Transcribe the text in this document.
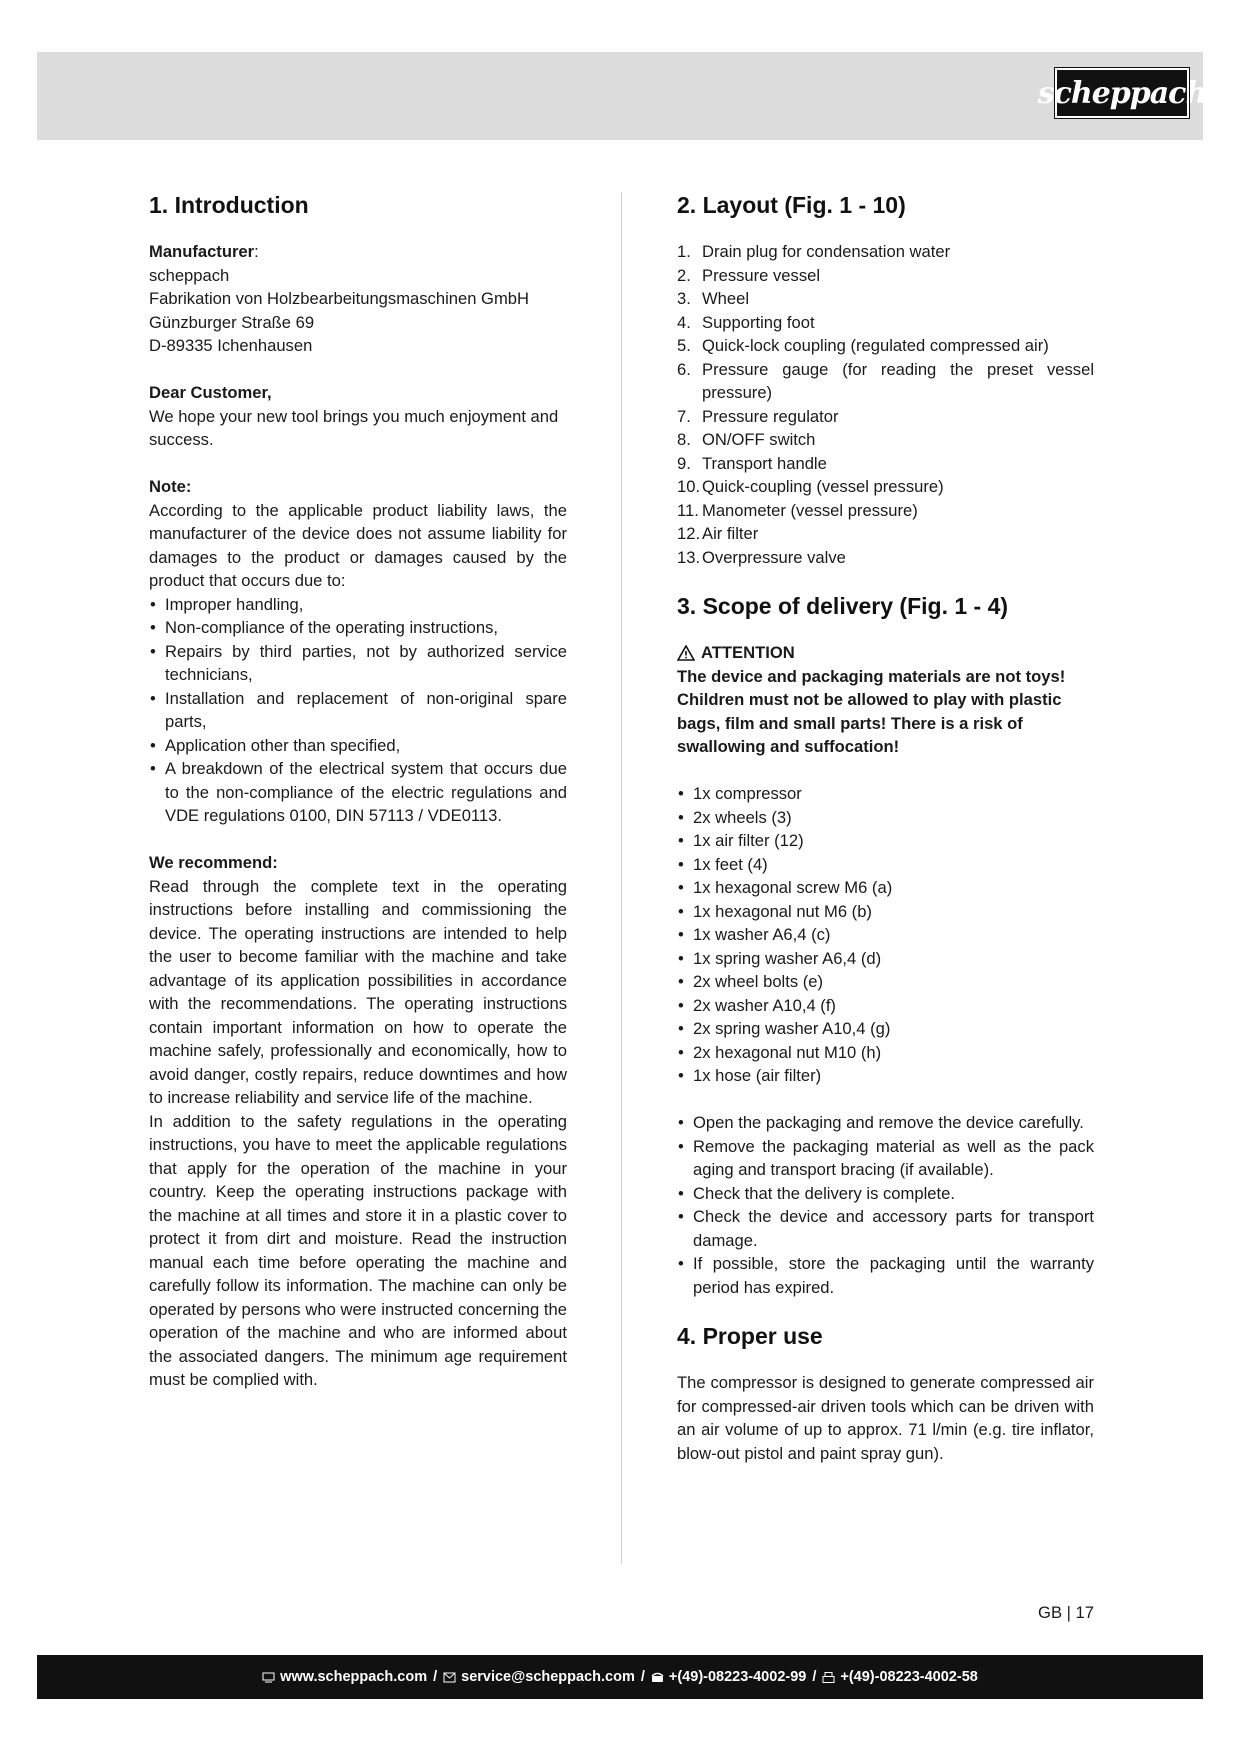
scheppach
1. Introduction
Manufacturer:
scheppach
Fabrikation von Holzbearbeitungsmaschinen GmbH
Günzburger Straße 69
D-89335 Ichenhausen
Dear Customer,

We hope your new tool brings you much enjoyment and success.

Note:

According to the applicable product liability laws, the manufacturer of the device does not assume liability for damages to the product or damages caused by the product that occurs due to:

• Improper handling,
• Non-compliance of the operating instructions,
• Repairs by third parties, not by authorized service technicians,
• Installation and replacement of non-original spare parts,
• Application other than specified,
• A breakdown of the electrical system that occurs due to the non-compliance of the electric regulations and VDE regulations 0100, DIN 57113 / VDE0113.
We recommend:

Read through the complete text in the operating instructions before installing and commissioning the device. The operating instructions are intended to help the user to become familiar with the machine and take advantage of its application possibilities in accordance with the recommendations. The operating instructions contain important information on how to operate the machine safely, professionally and economically, how to avoid danger, costly repairs, reduce downtimes and how to increase reliability and service life of the machine.

In addition to the safety regulations in the operating instructions, you have to meet the applicable regulations that apply for the operation of the machine in your country. Keep the operating instructions package with the machine at all times and store it in a plastic cover to protect it from dirt and moisture. Read the instruction manual each time before operating the machine and carefully follow its information. The machine can only be operated by persons who were instructed concerning the operation of the machine and who are informed about the associated dangers. The minimum age requirement must be complied with.

2. Layout (Fig. 1 - 10)
1. Drain plug for condensation water
2. Pressure vessel
3. Wheel
4. Supporting foot
5. Quick-lock coupling (regulated compressed air)
6. Pressure gauge (for reading the preset vessel pressure)
7. Pressure regulator
8. ON/OFF switch
9. Transport handle
10. Quick-coupling (vessel pressure)
11. Manometer (vessel pressure)
12. Air filter
13. Overpressure valve
3. Scope of delivery (Fig. 1 - 4)
ATTENTION

The device and packaging materials are not toys! Children must not be allowed to play with plastic bags, film and small parts! There is a risk of swallowing and suffocation!

• 1x compressor
• 2x wheels (3)
• 1x air filter (12)
• 1x feet (4)
• 1x hexagonal screw M6 (a)
• 1x hexagonal nut M6 (b)
• 1x washer A6,4 (c)
• 1x spring washer A6,4 (d)
• 2x wheel bolts (e)
• 2x washer A10,4 (f)
• 2x spring washer A10,4 (g)
• 2x hexagonal nut M10 (h)
• 1x hose (air filter)
• Open the packaging and remove the device carefully.
• Remove the packaging material as well as the pack aging and transport bracing (if available).
• Check that the delivery is complete.
• Check the device and accessory parts for transport damage.
• If possible, store the packaging until the warranty period has expired.
4. Proper use

The compressor is designed to generate compressed air for compressed-air driven tools which can be driven with an air volume of up to approx. 71 l/min (e.g. tire inflator, blow-out pistol and paint spray gun).

GB | 17
www.scheppach.com / service@scheppach.com / +(49)-08223-4002-99 / +(49)-08223-4002-58
